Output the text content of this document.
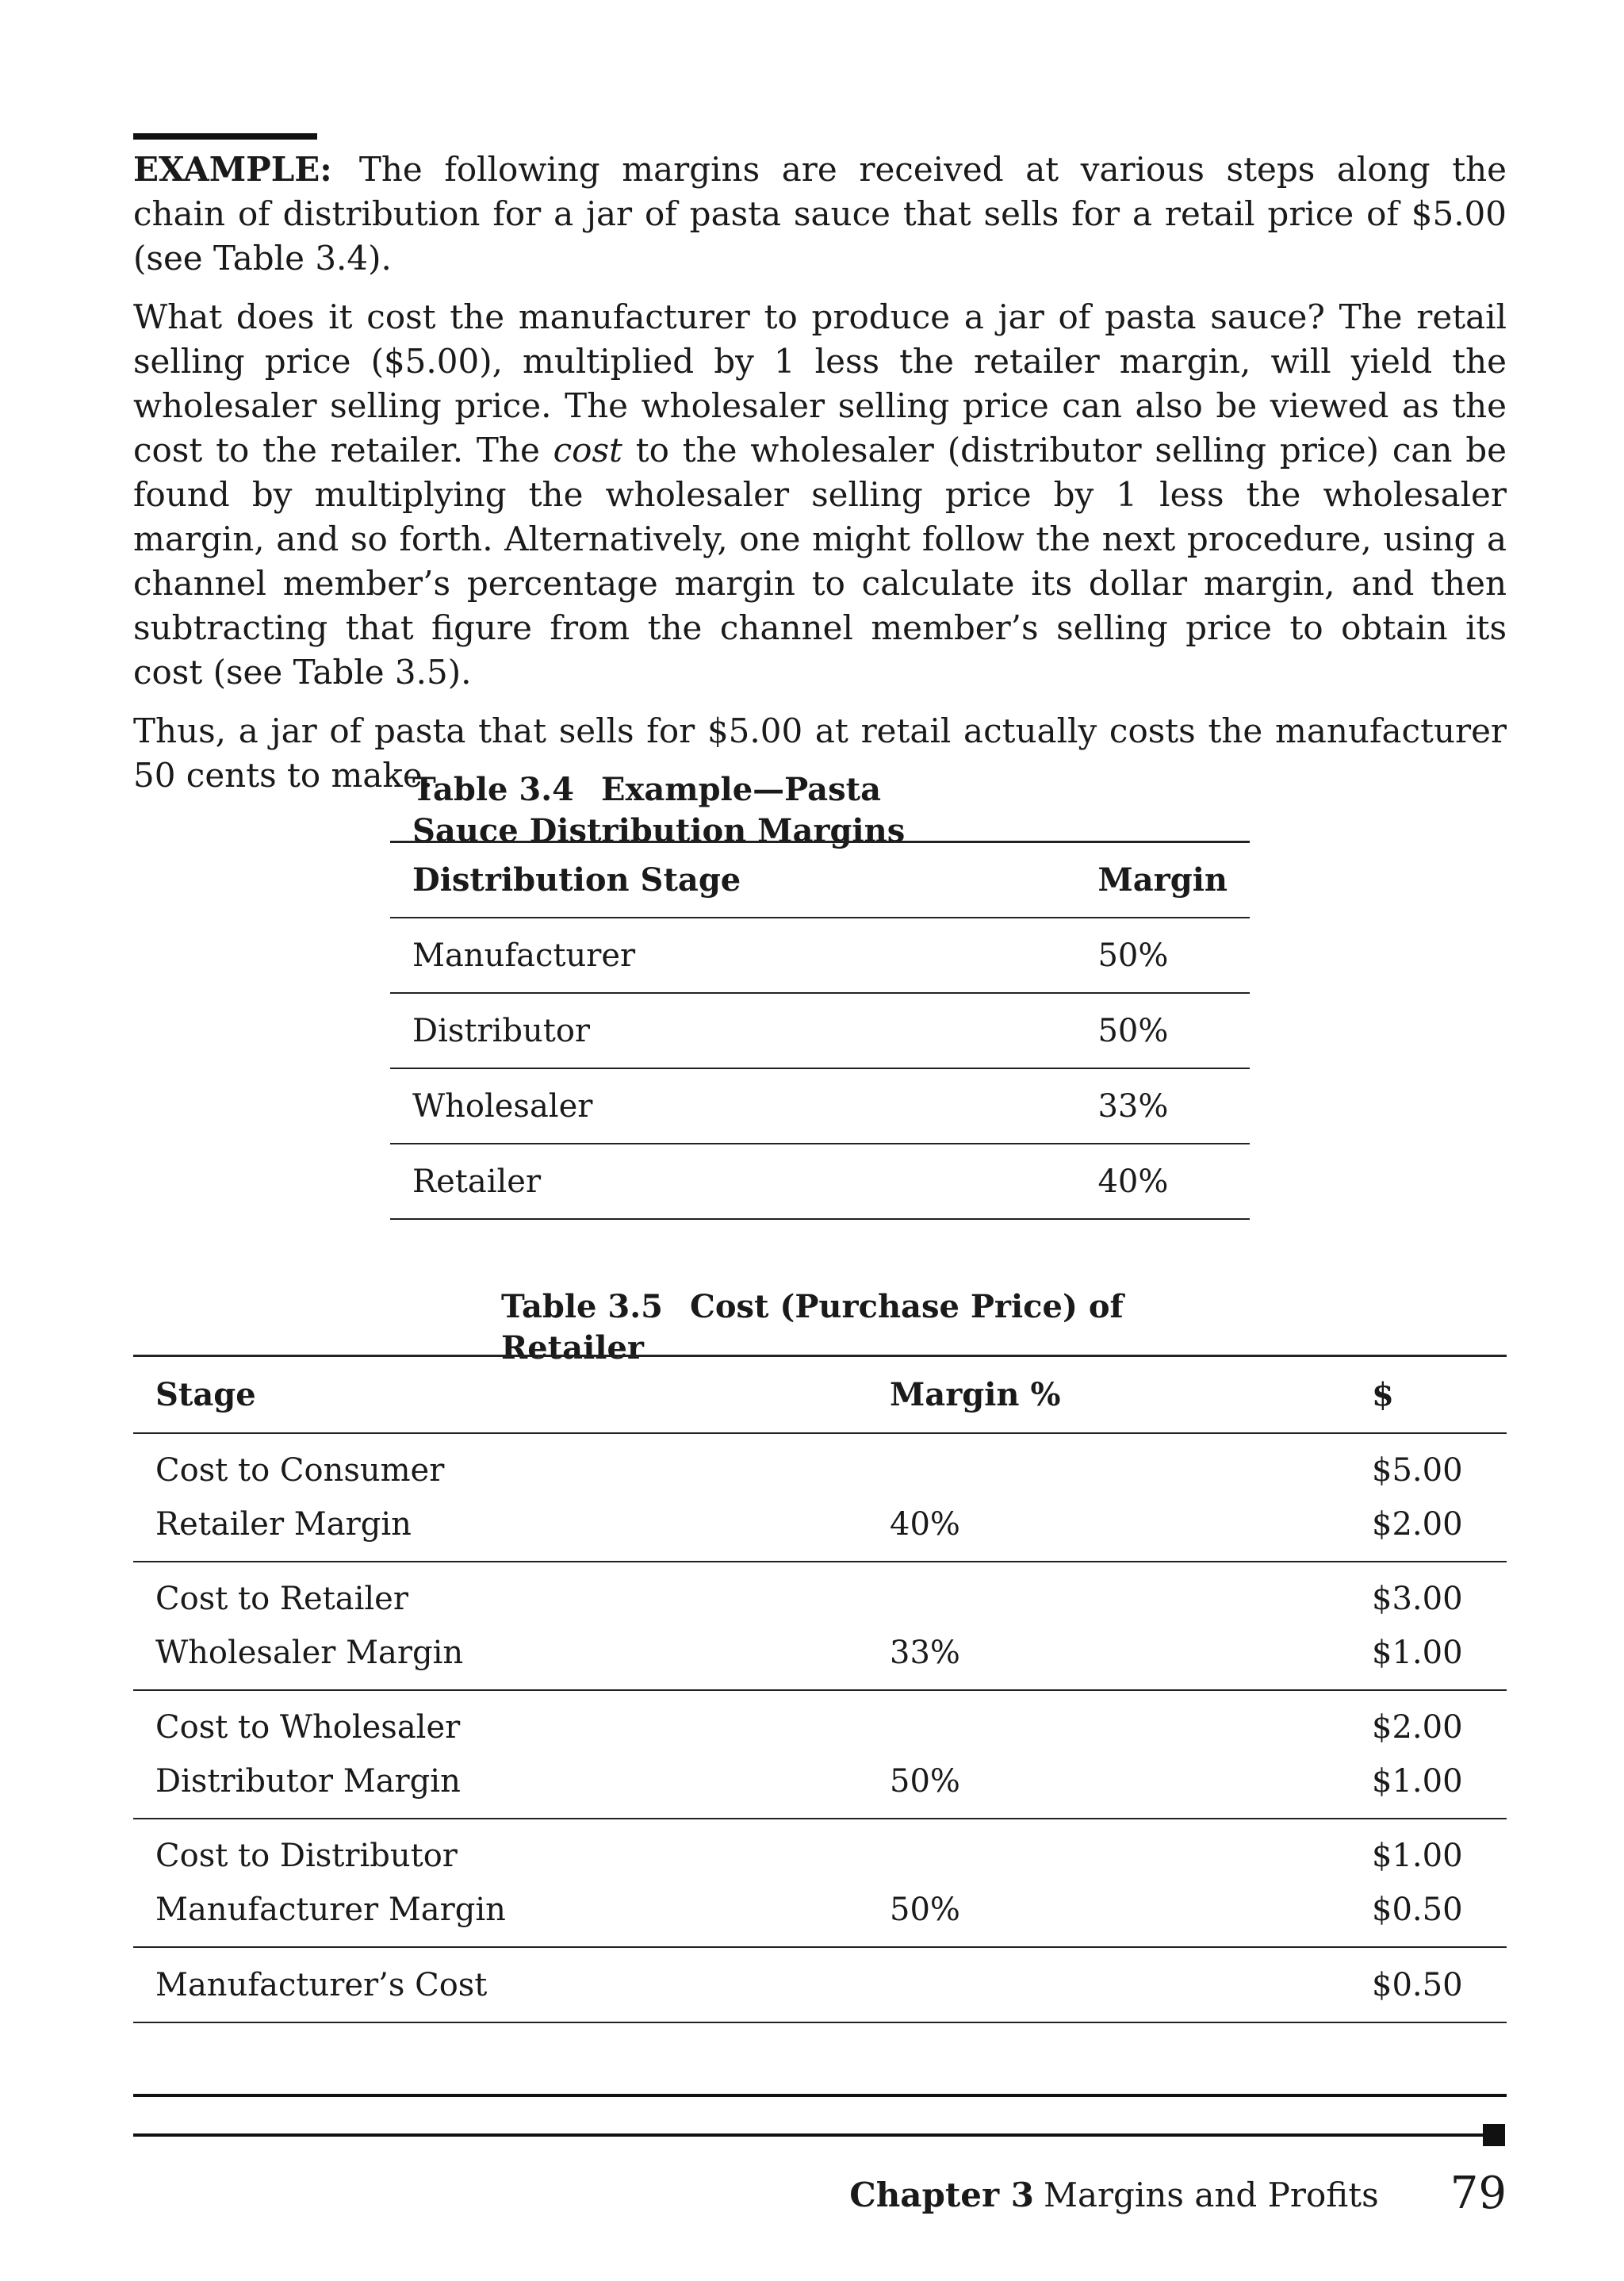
EXAMPLE: The following margins are received at various steps along the chain of distribution for a jar of pasta sauce that sells for a retail price of $5.00 (see Table 3.4).

What does it cost the manufacturer to produce a jar of pasta sauce? The retail selling price ($5.00), multiplied by 1 less the retailer margin, will yield the wholesaler selling price. The wholesaler selling price can also be viewed as the cost to the retailer. The cost to the wholesaler (distributor selling price) can be found by multiplying the wholesaler selling price by 1 less the wholesaler margin, and so forth. Alternatively, one might follow the next procedure, using a channel member’s percentage margin to calculate its dollar margin, and then subtracting that figure from the channel member’s selling price to obtain its cost (see Table 3.5).

Thus, a jar of pasta that sells for $5.00 at retail actually costs the manufacturer 50 cents to make.

Table 3.4 Example—Pasta Sauce Distribution Margins
Distribution Stage	Margin
Manufacturer	50%
Distributor	50%
Wholesaler	33%
Retailer	40%
Table 3.5 Cost (Purchase Price) of Retailer
Stage	Margin %	$
Cost to Consumer		$5.00
Retailer Margin	40%	$2.00
Cost to Retailer		$3.00
Wholesaler Margin	33%	$1.00
Cost to Wholesaler		$2.00
Distributor Margin	50%	$1.00
Cost to Distributor		$1.00
Manufacturer Margin	50%	$0.50
Manufacturer’s Cost		$0.50
Chapter 3 Margins and Profits 79
